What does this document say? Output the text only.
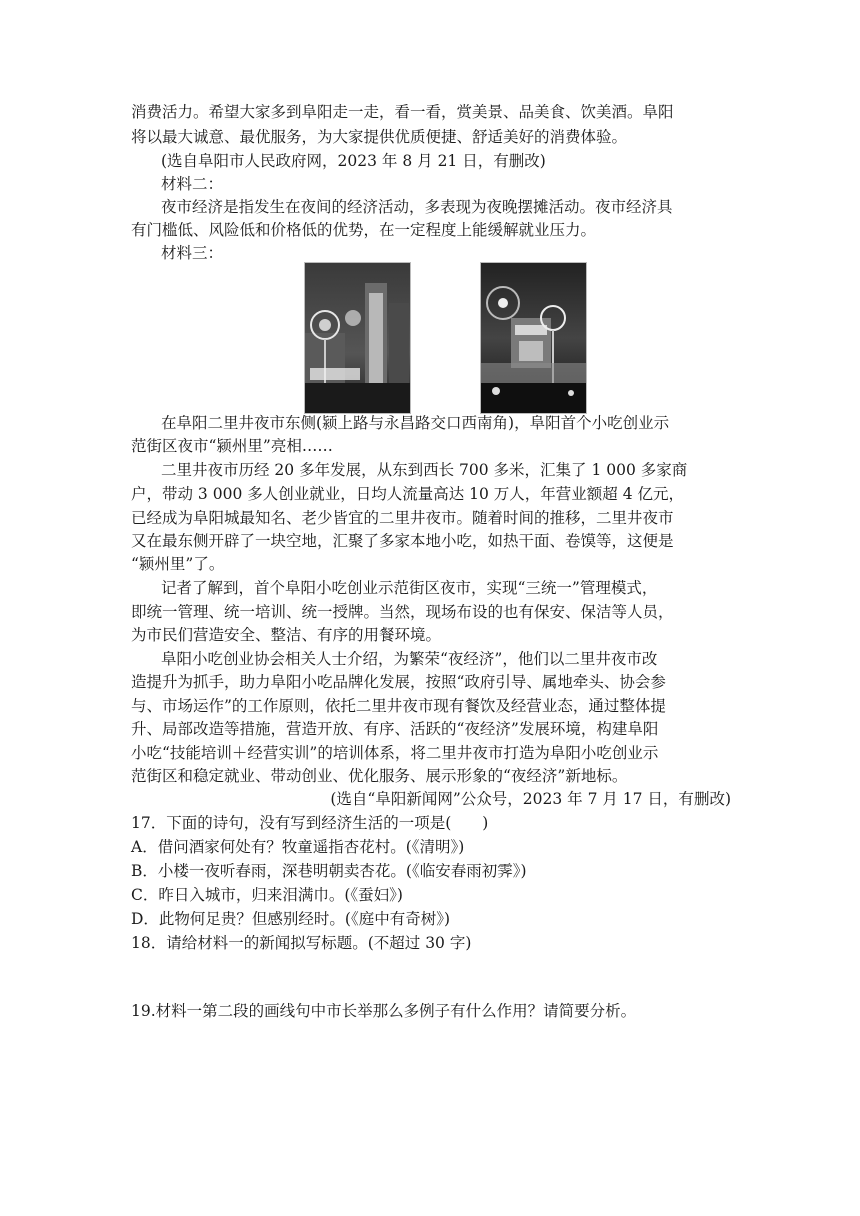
消费活力。希望大家多到阜阳走一走，看一看，赏美景、品美食、饮美酒。阜阳
将以最大诚意、最优服务，为大家提供优质便捷、舒适美好的消费体验。
(选自阜阳市人民政府网，2023 年 8 月 21 日，有删改)
材料二：
夜市经济是指发生在夜间的经济活动，多表现为夜晚摆摊活动。夜市经济具
有门槛低、风险低和价格低的优势，在一定程度上能缓解就业压力。
材料三：
在阜阳二里井夜市东侧(颍上路与永昌路交口西南角)，阜阳首个小吃创业示
范街区夜市“颍州里”亮相……
二里井夜市历经 20 多年发展，从东到西长 700 多米，汇集了 1 000 多家商
户，带动 3 000 多人创业就业，日均人流量高达 10 万人，年营业额超 4 亿元，
已经成为阜阳城最知名、老少皆宜的二里井夜市。随着时间的推移，二里井夜市
又在最东侧开辟了一块空地，汇聚了多家本地小吃，如热干面、卷馍等，这便是
“颍州里”了。
记者了解到，首个阜阳小吃创业示范街区夜市，实现“三统一”管理模式，
即统一管理、统一培训、统一授牌。当然，现场布设的也有保安、保洁等人员，
为市民们营造安全、整洁、有序的用餐环境。
阜阳小吃创业协会相关人士介绍，为繁荣“夜经济”，他们以二里井夜市改
造提升为抓手，助力阜阳小吃品牌化发展，按照“政府引导、属地牵头、协会参
与、市场运作”的工作原则，依托二里井夜市现有餐饮及经营业态，通过整体提
升、局部改造等措施，营造开放、有序、活跃的“夜经济”发展环境，构建阜阳
小吃“技能培训＋经营实训”的培训体系，将二里井夜市打造为阜阳小吃创业示
范街区和稳定就业、带动创业、优化服务、展示形象的“夜经济”新地标。
(选自“阜阳新闻网”公众号，2023 年 7 月 17 日，有删改)
17．下面的诗句，没有写到经济生活的一项是(　　)
A．借问酒家何处有？牧童遥指杏花村。(《清明》)
B．小楼一夜听春雨，深巷明朝卖杏花。(《临安春雨初霁》)
C．昨日入城市，归来泪满巾。(《蚕妇》)
D．此物何足贵？但感别经时。(《庭中有奇树》)
18．请给材料一的新闻拟写标题。(不超过 30 字)
19.材料一第二段的画线句中市长举那么多例子有什么作用？请简要分析。
